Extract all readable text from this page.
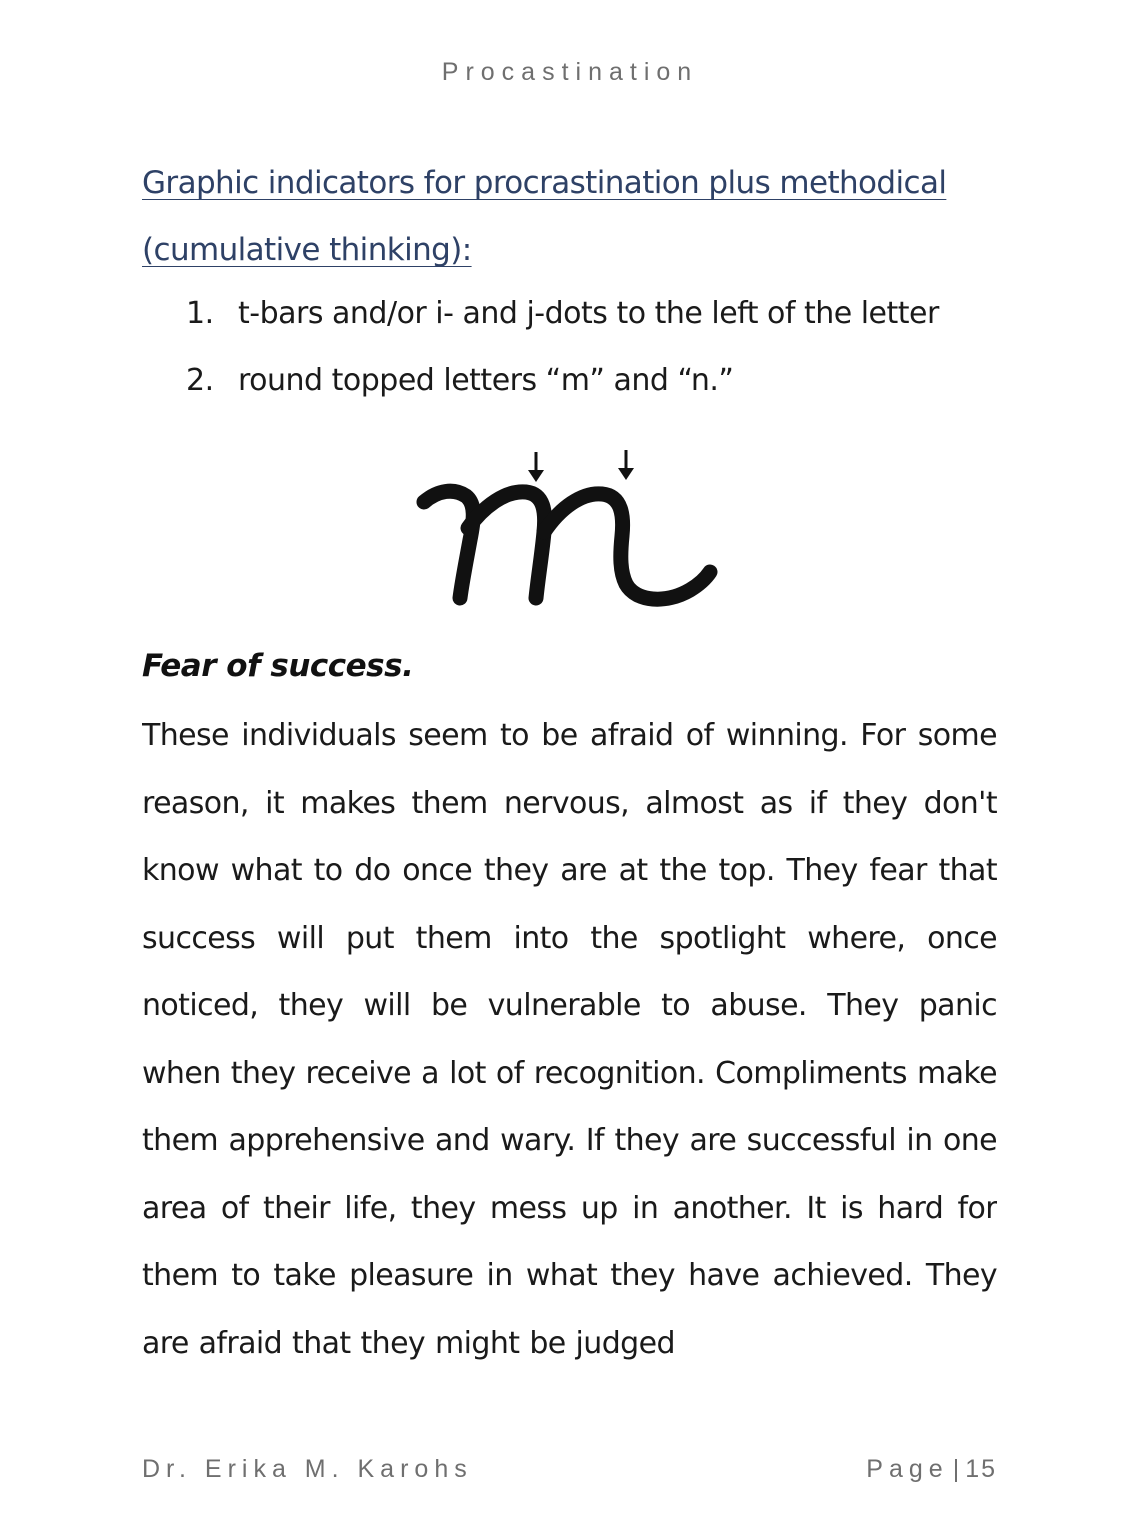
Procastination
Graphic indicators for procrastination plus methodical (cumulative thinking):
1. t-bars and/or i- and j-dots to the left of the letter
2. round topped letters “m” and “n.”
Fear of success.
These individuals seem to be afraid of winning. For some reason, it makes them nervous, almost as if they don't know what to do once they are at the top. They fear that success will put them into the spotlight where, once noticed, they will be vulnerable to abuse. They panic when they receive a lot of recognition. Compliments make them apprehensive and wary. If they are successful in one area of their life, they mess up in another. It is hard for them to take pleasure in what they have achieved. They are afraid that they might be judged
Dr. Erika M. Karohs	Page | 15
